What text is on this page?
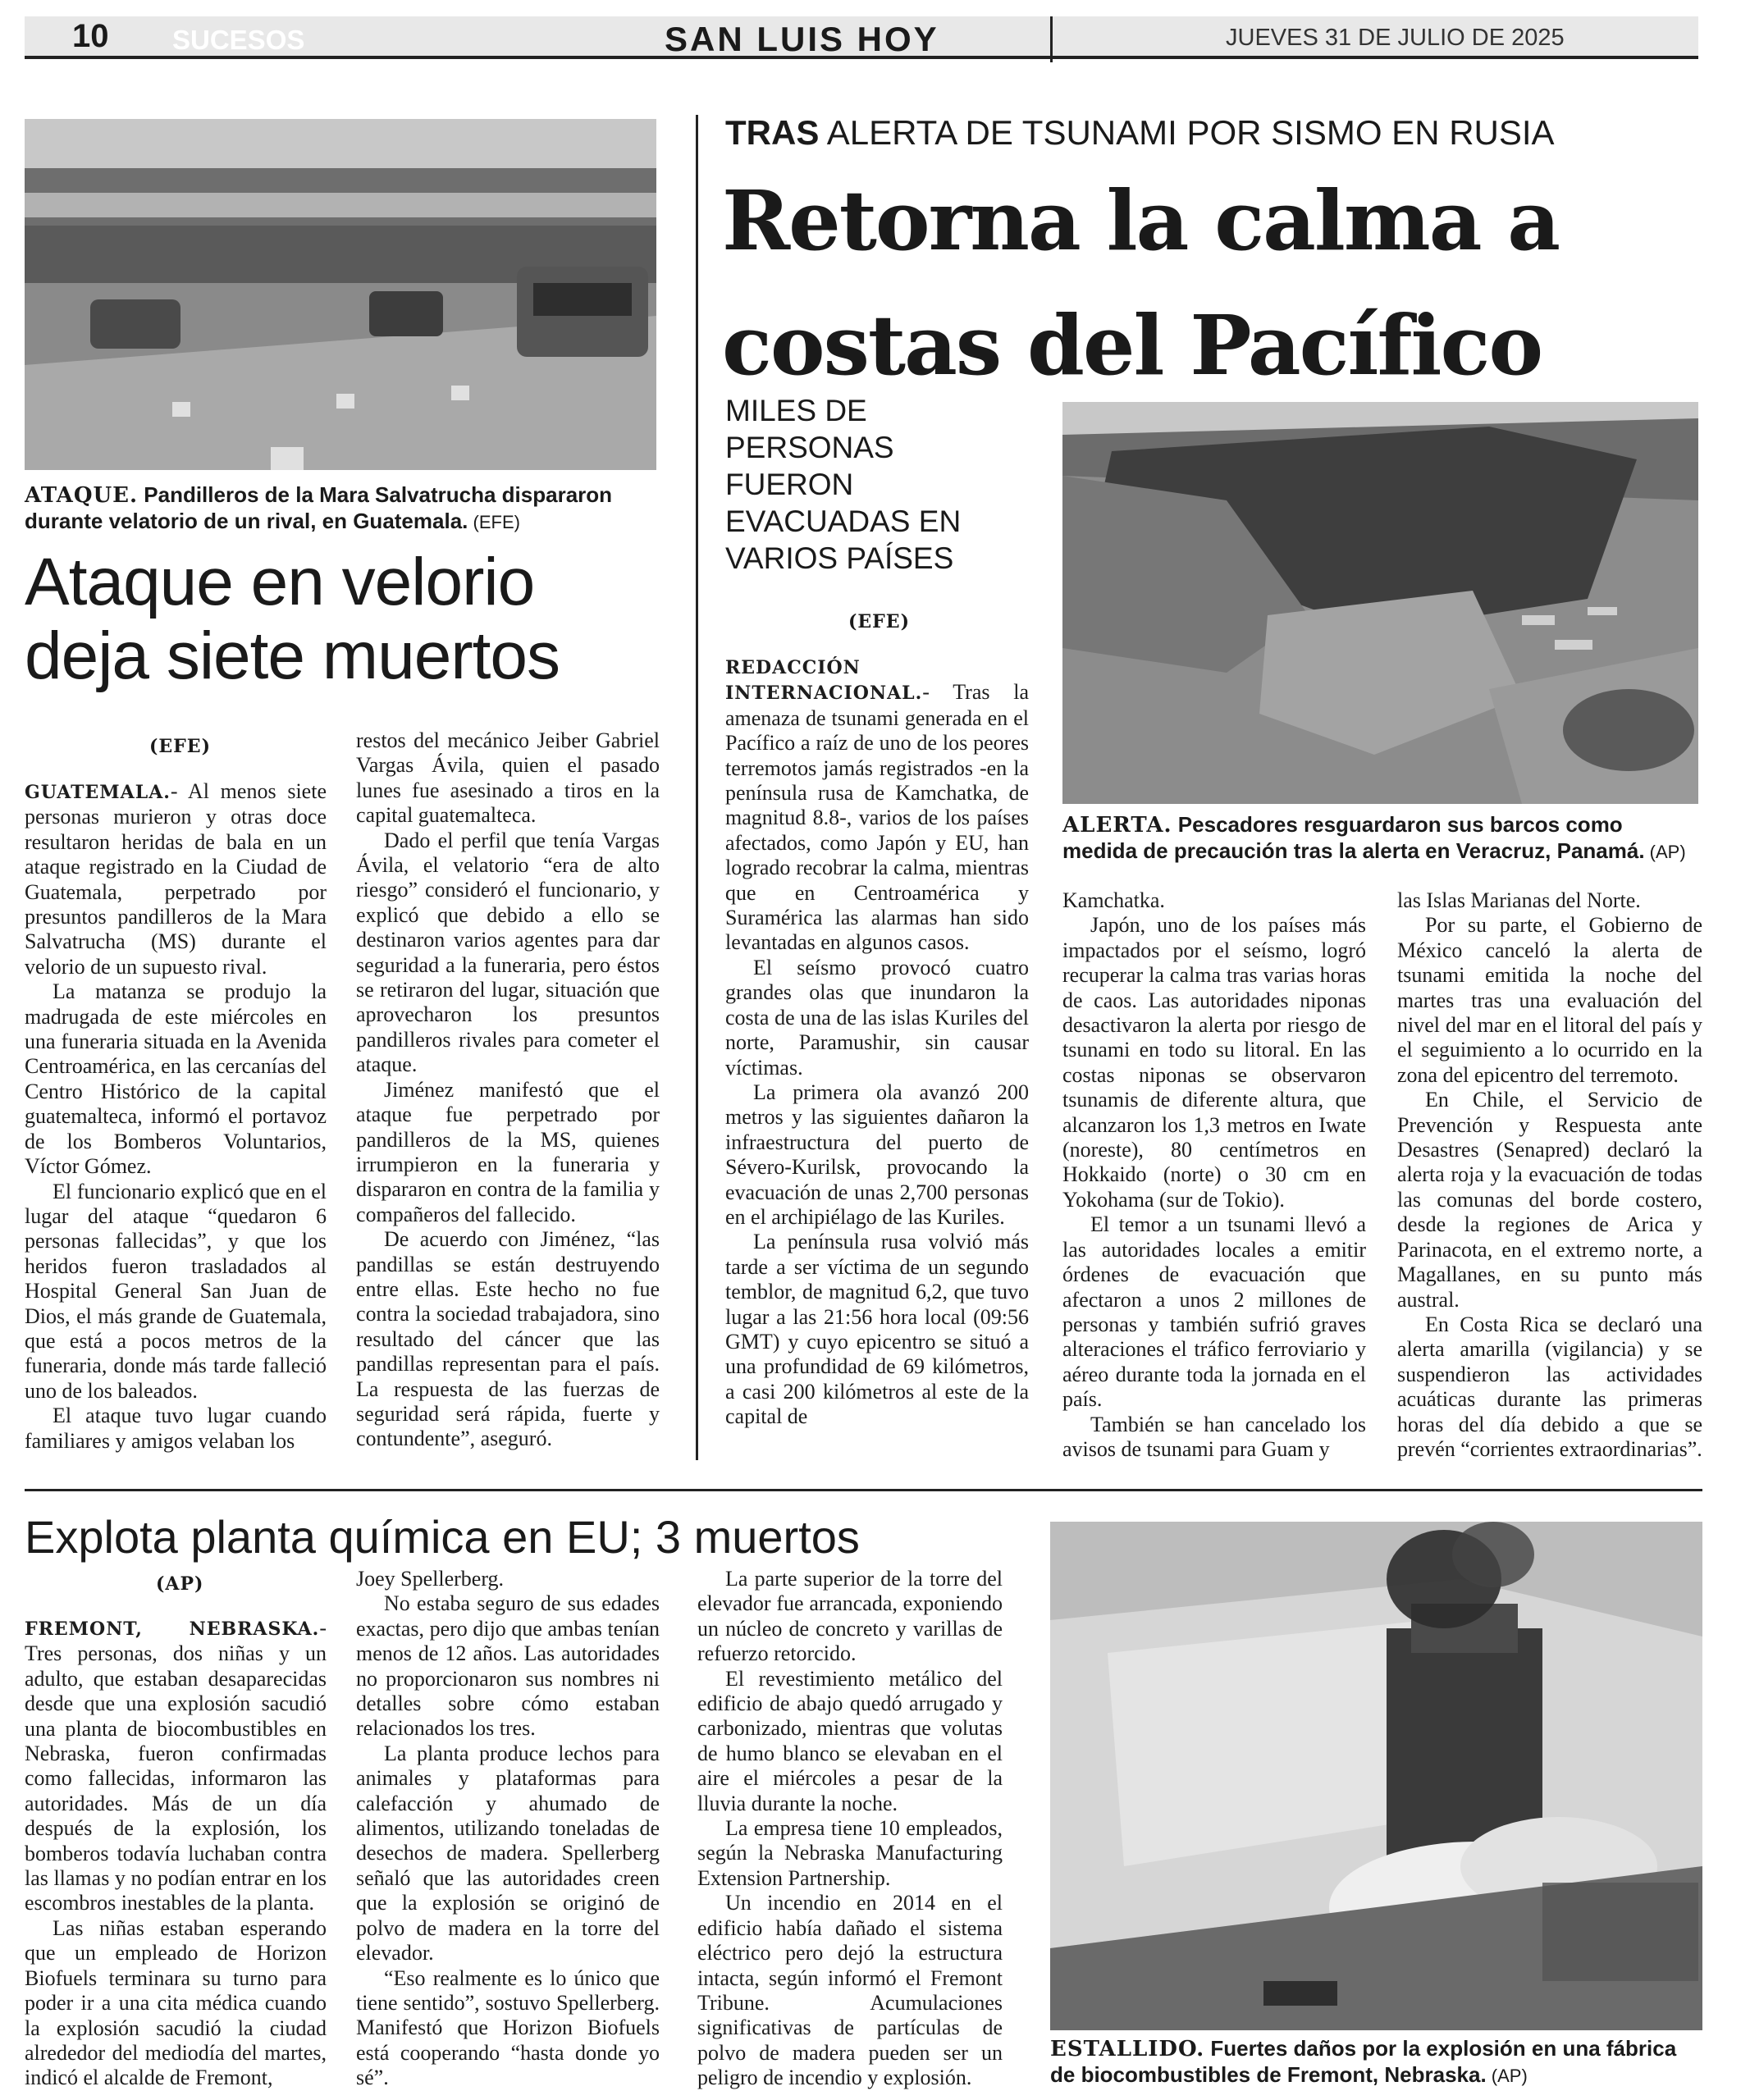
10 SUCESOS	SAN LUIS HOY	JUEVES 31 DE JULIO DE 2025
ATAQUE. Pandilleros de la Mara Salvatrucha dispararon durante velatorio de un rival, en Guatemala. (EFE)
Ataque en velorio deja siete muertos
(EFE)

GUATEMALA.- Al menos siete personas murieron y otras doce resultaron heridas de bala en un ataque registrado en la Ciudad de Guatemala, perpetrado por presuntos pandilleros de la Mara Salvatrucha (MS) durante el velorio de un supuesto rival.

La matanza se produjo la madrugada de este miércoles en una funeraria situada en la Avenida Centroamérica, en las cercanías del Centro Histórico de la capital guatemalteca, informó el portavoz de los Bomberos Voluntarios, Víctor Gómez.

El funcionario explicó que en el lugar del ataque “quedaron 6 personas fallecidas”, y que los heridos fueron trasladados al Hospital General San Juan de Dios, el más grande de Guatemala, que está a pocos metros de la funeraria, donde más tarde falleció uno de los baleados.

El ataque tuvo lugar cuando familiares y amigos velaban los

restos del mecánico Jeiber Gabriel Vargas Ávila, quien el pasado lunes fue asesinado a tiros en la capital guatemalteca.

Dado el perfil que tenía Vargas Ávila, el velatorio “era de alto riesgo” consideró el funcionario, y explicó que debido a ello se destinaron varios agentes para dar seguridad a la funeraria, pero éstos se retiraron del lugar, situación que aprovecharon los presuntos pandilleros rivales para cometer el ataque.

Jiménez manifestó que el ataque fue perpetrado por pandilleros de la MS, quienes irrumpieron en la funeraria y dispararon en contra de la familia y compañeros del fallecido.

De acuerdo con Jiménez, “las pandillas se están destruyendo entre ellas. Este hecho no fue contra la sociedad trabajadora, sino resultado del cáncer que las pandillas representan para el país. La respuesta de las fuerzas de seguridad será rápida, fuerte y contundente”, aseguró.

TRAS ALERTA DE TSUNAMI POR SISMO EN RUSIA
Retorna la calma a
costas del Pacífico
MILES DE PERSONAS FUERON EVACUADAS EN VARIOS PAÍSES
(EFE)
ALERTA. Pescadores resguardaron sus barcos como medida de precaución tras la alerta en Veracruz, Panamá. (AP)

REDACCIÓN INTERNACIONAL.- Tras la amenaza de tsunami generada en el Pacífico a raíz de uno de los peores terremotos jamás registrados -en la península rusa de Kamchatka, de magnitud 8.8-, varios de los países afectados, como Japón y EU, han logrado recobrar la calma, mientras que en Centroamérica y Suramérica las alarmas han sido levantadas en algunos casos.

El seísmo provocó cuatro grandes olas que inundaron la costa de una de las islas Kuriles del norte, Paramushir, sin causar víctimas.

La primera ola avanzó 200 metros y las siguientes dañaron la infraestructura del puerto de Sévero-Kurilsk, provocando la evacuación de unas 2,700 personas en el archipiélago de las Kuriles.

La península rusa volvió más tarde a ser víctima de un segundo temblor, de magnitud 6,2, que tuvo lugar a las 21:56 hora local (09:56 GMT) y cuyo epicentro se situó a una profundidad de 69 kilómetros, a casi 200 kilómetros al este de la capital de

Kamchatka.

Japón, uno de los países más impactados por el seísmo, logró recuperar la calma tras varias horas de caos. Las autoridades niponas desactivaron la alerta por riesgo de tsunami en todo su litoral. En las costas niponas se observaron tsunamis de diferente altura, que alcanzaron los 1,3 metros en Iwate (noreste), 80 centímetros en Hokkaido (norte) o 30 cm en Yokohama (sur de Tokio).

El temor a un tsunami llevó a las autoridades locales a emitir órdenes de evacuación que afectaron a unos 2 millones de personas y también sufrió graves alteraciones el tráfico ferroviario y aéreo durante toda la jornada en el país.

También se han cancelado los avisos de tsunami para Guam y

las Islas Marianas del Norte.

Por su parte, el Gobierno de México canceló la alerta de tsunami emitida la noche del martes tras una evaluación del nivel del mar en el litoral del país y el seguimiento a lo ocurrido en la zona del epicentro del terremoto.

En Chile, el Servicio de Prevención y Respuesta ante Desastres (Senapred) declaró la alerta roja y la evacuación de todas las comunas del borde costero, desde la regiones de Arica y Parinacota, en el extremo norte, a Magallanes, en su punto más austral.

En Costa Rica se declaró una alerta amarilla (vigilancia) y se suspendieron las actividades acuáticas durante las primeras horas del día debido a que se prevén “corrientes extraordinarias”.

Explota planta química en EU; 3 muertos
(AP)

FREMONT, NEBRASKA.- Tres personas, dos niñas y un adulto, que estaban desaparecidas desde que una explosión sacudió una planta de biocombustibles en Nebraska, fueron confirmadas como fallecidas, informaron las autoridades. Más de un día después de la explosión, los bomberos todavía luchaban contra las llamas y no podían entrar en los escombros inestables de la planta.

Las niñas estaban esperando que un empleado de Horizon Biofuels terminara su turno para poder ir a una cita médica cuando la explosión sacudió la ciudad alrededor del mediodía del martes, indicó el alcalde de Fremont,

Joey Spellerberg.

No estaba seguro de sus edades exactas, pero dijo que ambas tenían menos de 12 años. Las autoridades no proporcionaron sus nombres ni detalles sobre cómo estaban relacionados los tres.

La planta produce lechos para animales y plataformas para calefacción y ahumado de alimentos, utilizando toneladas de desechos de madera. Spellerberg señaló que las autoridades creen que la explosión se originó de polvo de madera en la torre del elevador.

“Eso realmente es lo único que tiene sentido”, sostuvo Spellerberg. Manifestó que Horizon Biofuels está cooperando “hasta donde yo sé”.

La parte superior de la torre del elevador fue arrancada, exponiendo un núcleo de concreto y varillas de refuerzo retorcido.

El revestimiento metálico del edificio de abajo quedó arrugado y carbonizado, mientras que volutas de humo blanco se elevaban en el aire el miércoles a pesar de la lluvia durante la noche.

La empresa tiene 10 empleados, según la Nebraska Manufacturing Extension Partnership.

Un incendio en 2014 en el edificio había dañado el sistema eléctrico pero dejó la estructura intacta, según informó el Fremont Tribune. Acumulaciones significativas de partículas de polvo de madera pueden ser un peligro de incendio y explosión.

ESTALLIDO. Fuertes daños por la explosión en una fábrica de biocombustibles de Fremont, Nebraska. (AP)
